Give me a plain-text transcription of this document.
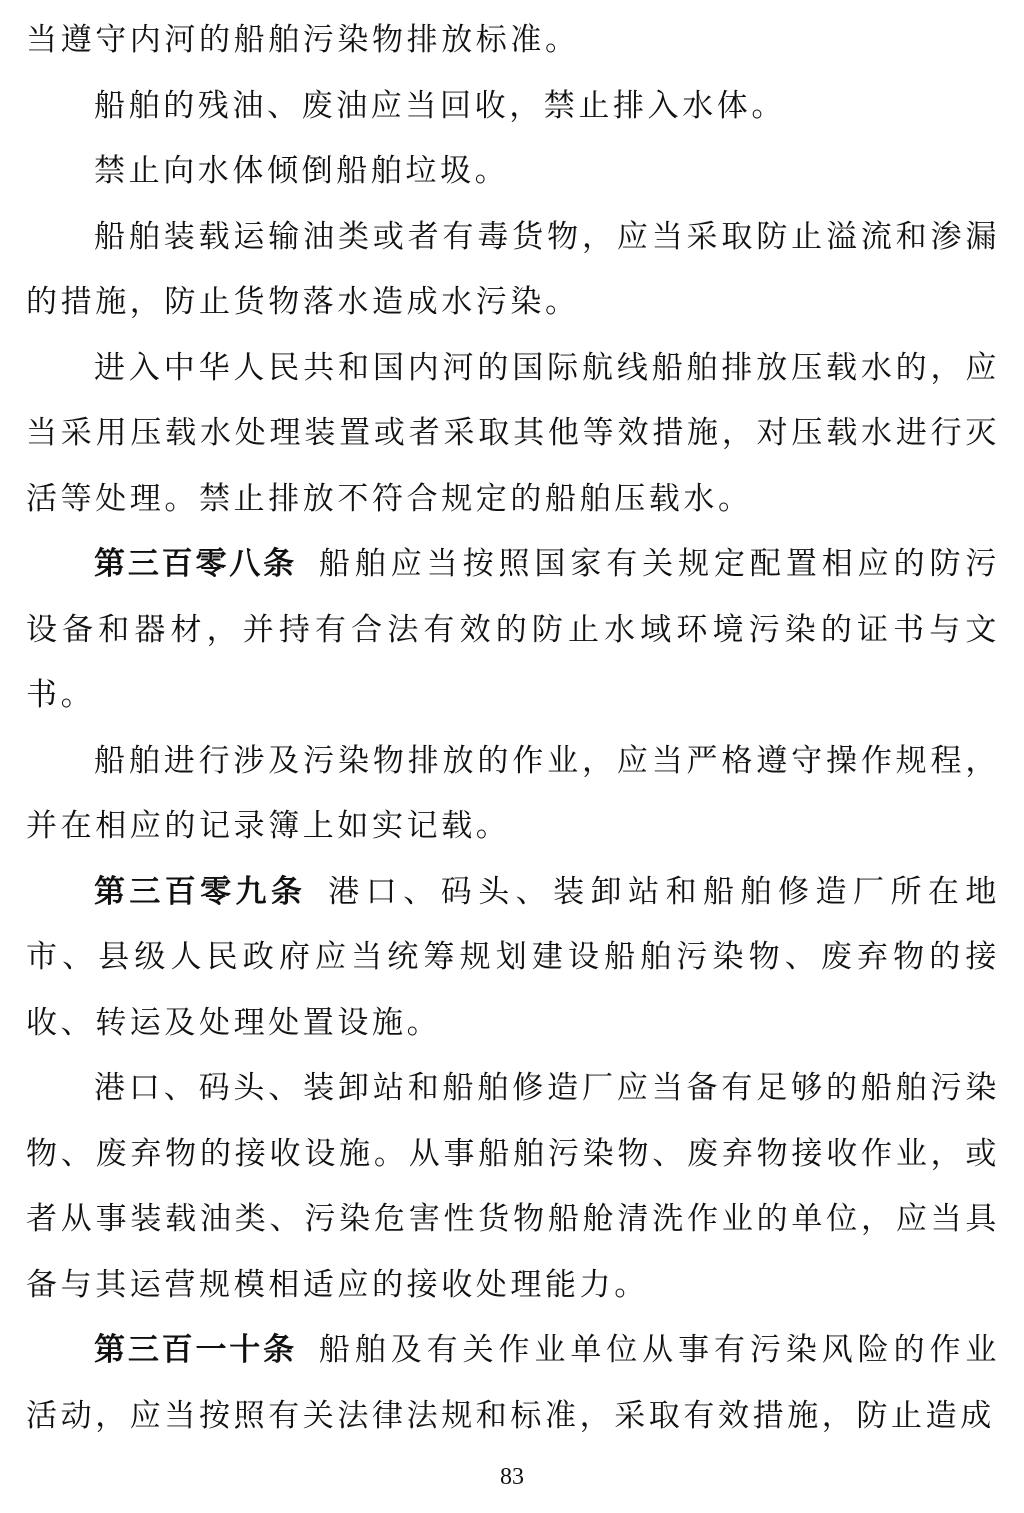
当遵守内河的船舶污染物排放标准。

船舶的残油、废油应当回收，禁止排入水体。

禁止向水体倾倒船舶垃圾。

船舶装载运输油类或者有毒货物，应当采取防止溢流和渗漏的措施，防止货物落水造成水污染。

进入中华人民共和国内河的国际航线船舶排放压载水的，应当采用压载水处理装置或者采取其他等效措施，对压载水进行灭活等处理。禁止排放不符合规定的船舶压载水。

第三百零八条 船舶应当按照国家有关规定配置相应的防污设备和器材，并持有合法有效的防止水域环境污染的证书与文书。

船舶进行涉及污染物排放的作业，应当严格遵守操作规程，并在相应的记录簿上如实记载。

第三百零九条 港口、码头、装卸站和船舶修造厂所在地市、县级人民政府应当统筹规划建设船舶污染物、废弃物的接收、转运及处理处置设施。

港口、码头、装卸站和船舶修造厂应当备有足够的船舶污染物、废弃物的接收设施。从事船舶污染物、废弃物接收作业，或者从事装载油类、污染危害性货物船舱清洗作业的单位，应当具备与其运营规模相适应的接收处理能力。

第三百一十条 船舶及有关作业单位从事有污染风险的作业活动，应当按照有关法律法规和标准，采取有效措施，防止造成

83
